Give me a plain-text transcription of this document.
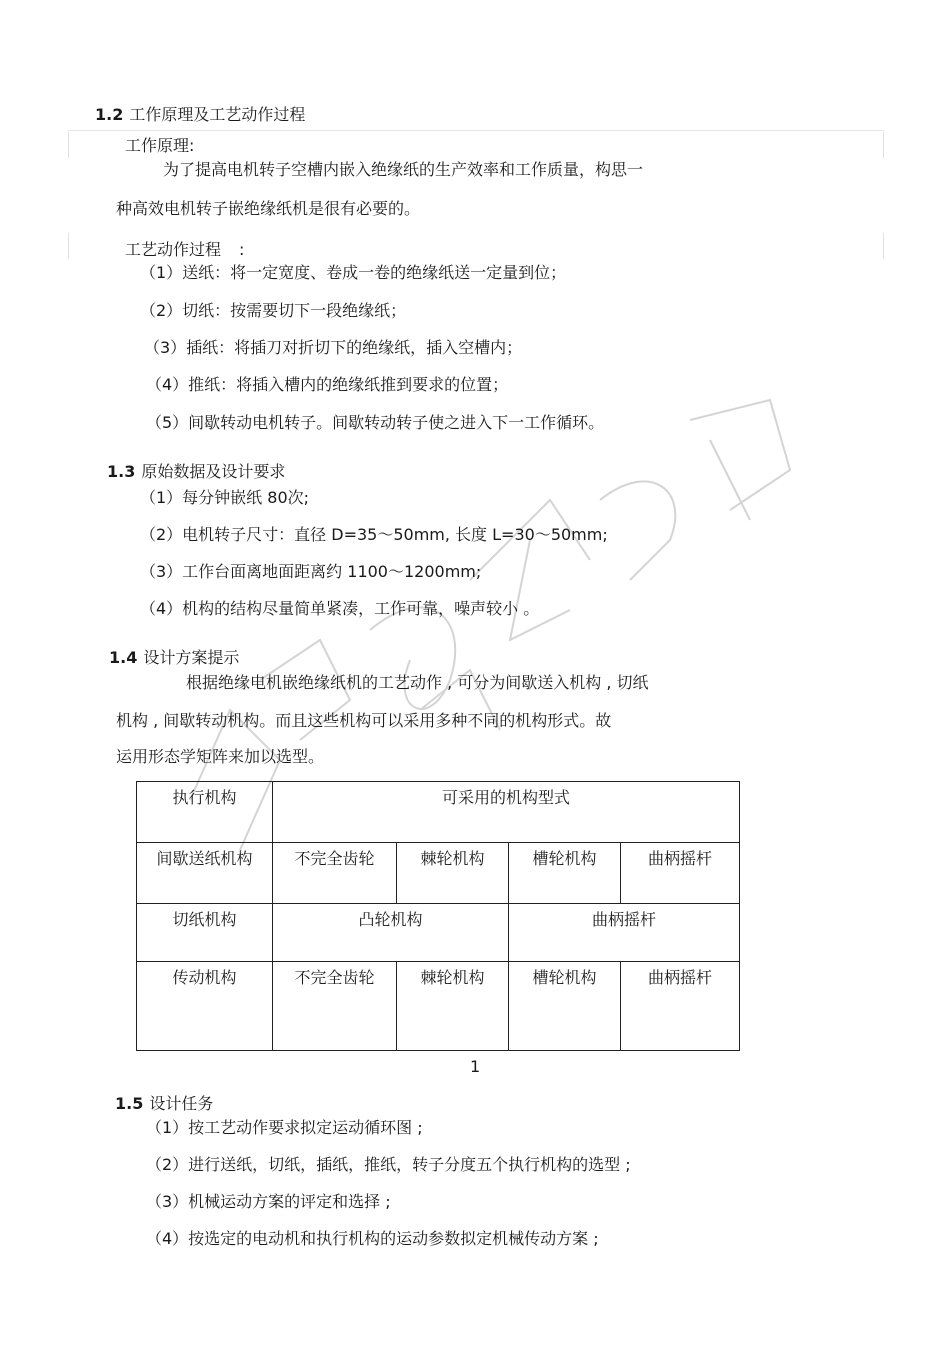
1.2 工作原理及工艺动作过程
工作原理:
为了提高电机转子空槽内嵌入绝缘纸的生产效率和工作质量，构思一
种高效电机转子嵌绝缘纸机是很有必要的。
工艺动作过程 :
（1）送纸：将一定宽度、卷成一卷的绝缘纸送一定量到位；
（2）切纸：按需要切下一段绝缘纸；
（3）插纸：将插刀对折切下的绝缘纸，插入空槽内；
（4）推纸：将插入槽内的绝缘纸推到要求的位置；
（5）间歇转动电机转子。间歇转动转子使之进入下一工作循环。
1.3 原始数据及设计要求
（1）每分钟嵌纸 80次;
（2）电机转子尺寸：直径 D=35～50mm, 长度 L=30～50mm;
（3）工作台面离地面距离约 1100～1200mm;
（4）机构的结构尽量简单紧凑，工作可靠，噪声较小 。
1.4 设计方案提示
根据绝缘电机嵌绝缘纸机的工艺动作 , 可分为间歇送入机构 , 切纸
机构 , 间歇转动机构。而且这些机构可以采用多种不同的机构形式。故
运用形态学矩阵来加以选型。
执行机构	可采用的机构型式			
间歇送纸机构	不完全齿轮	棘轮机构	槽轮机构	曲柄摇杆
切纸机构	凸轮机构		曲柄摇杆	
传动机构	不完全齿轮	棘轮机构	槽轮机构	曲柄摇杆
1
1.5 设计任务
（1）按工艺动作要求拟定运动循环图 ;
（2）进行送纸，切纸，插纸，推纸，转子分度五个执行机构的选型 ;
（3）机械运动方案的评定和选择 ;
（4）按选定的电动机和执行机构的运动参数拟定机械传动方案 ;
